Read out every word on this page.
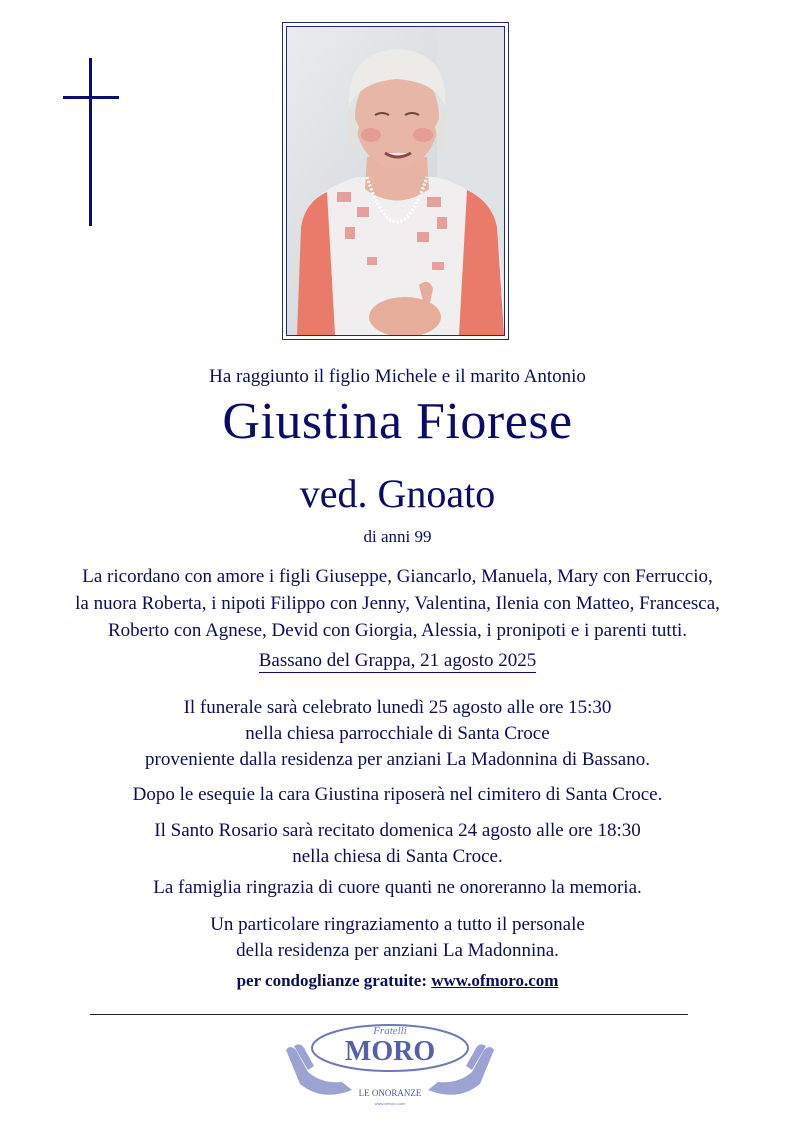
Ha raggiunto il figlio Michele e il marito Antonio
Giustina Fiorese
ved. Gnoato
di anni 99
La ricordano con amore i figli Giuseppe, Giancarlo, Manuela, Mary con Ferruccio,
la nuora Roberta, i nipoti Filippo con Jenny, Valentina, Ilenia con Matteo, Francesca,
Roberto con Agnese, Devid con Giorgia, Alessia, i pronipoti e i parenti tutti.
Bassano del Grappa, 21 agosto 2025
Il funerale sarà celebrato lunedì 25 agosto alle ore 15:30
nella chiesa parrocchiale di Santa Croce
proveniente dalla residenza per anziani La Madonnina di Bassano.
Dopo le esequie la cara Giustina riposerà nel cimitero di Santa Croce.
Il Santo Rosario sarà recitato domenica 24 agosto alle ore 18:30
nella chiesa di Santa Croce.
La famiglia ringrazia di cuore quanti ne onoreranno la memoria.
Un particolare ringraziamento a tutto il personale
della residenza per anziani La Madonnina.
per condoglianze gratuite: www.ofmoro.com
Fratelli
MORO
LE ONORANZE
www.ofmoro.com
